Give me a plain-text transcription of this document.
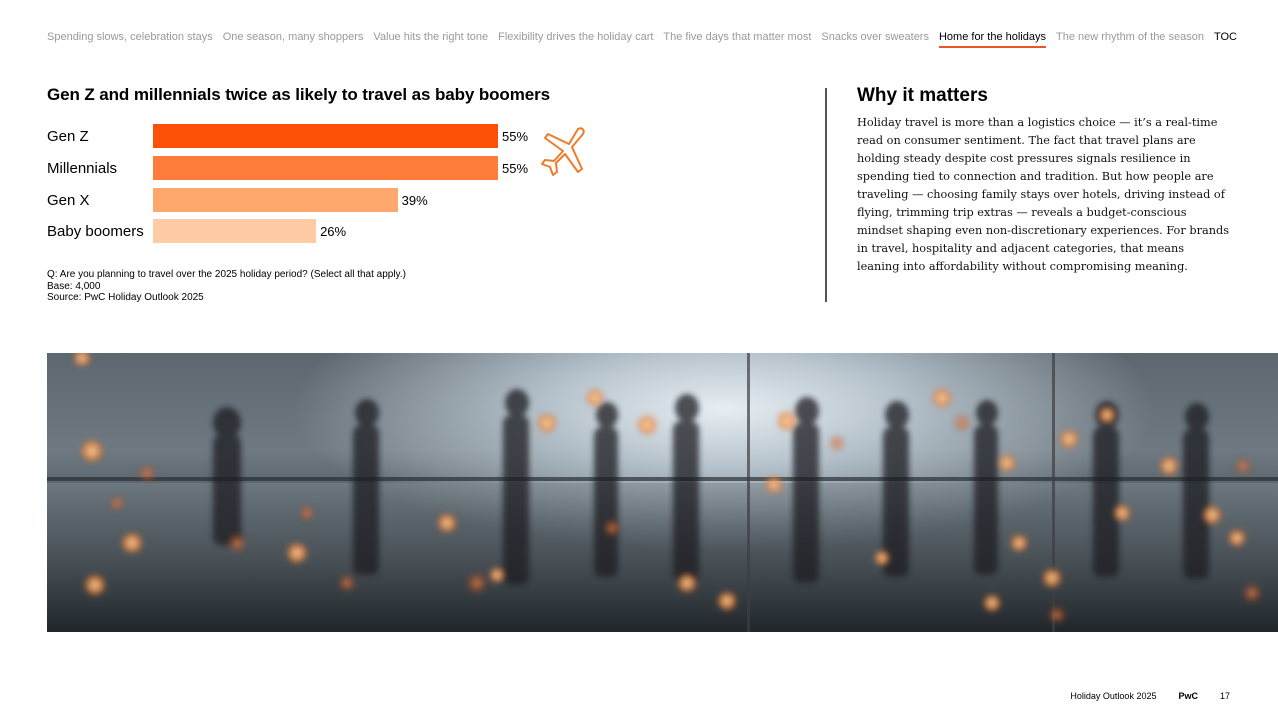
Spending slows, celebration stays One season, many shoppers Value hits the right tone Flexibility drives the holiday cart The five days that matter most Snacks over sweaters Home for the holidays The new rhythm of the season TOC
Gen Z and millennials twice as likely to travel as baby boomers
Gen Z	55%
Millennials	55%
Gen X	39%
Baby boomers	26%
Q: Are you planning to travel over the 2025 holiday period? (Select all that apply.)
Base: 4,000
Source: PwC Holiday Outlook 2025
Why it matters
Holiday travel is more than a logistics choice — it’s a real-time read on consumer sentiment. The fact that travel plans are holding steady despite cost pressures signals resilience in spending tied to connection and tradition. But how people are traveling — choosing family stays over hotels, driving instead of flying, trimming trip extras — reveals a budget-conscious mindset shaping even non-discretionary experiences. For brands in travel, hospitality and adjacent categories, that means leaning into affordability without compromising meaning.
Holiday Outlook 2025 PwC 17
